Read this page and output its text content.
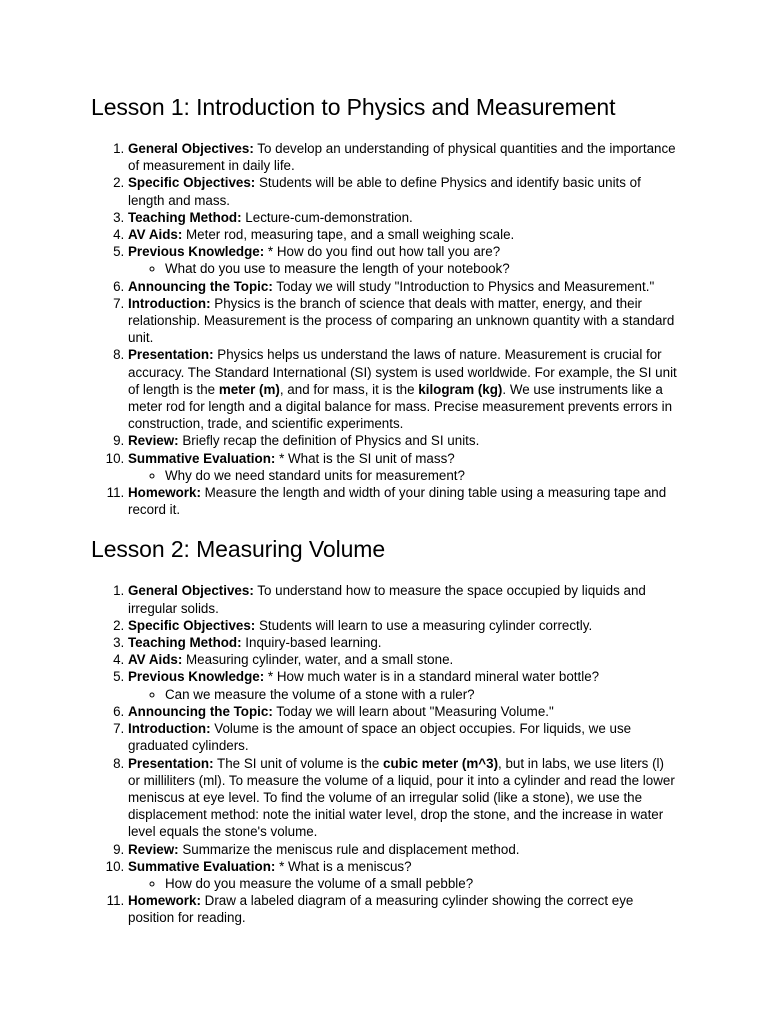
Lesson 1: Introduction to Physics and Measurement
1. General Objectives: To develop an understanding of physical quantities and the importance of measurement in daily life.
2. Specific Objectives: Students will be able to define Physics and identify basic units of length and mass.
3. Teaching Method: Lecture-cum-demonstration.
4. AV Aids: Meter rod, measuring tape, and a small weighing scale.
5. Previous Knowledge: * How do you find out how tall you are?
◦ What do you use to measure the length of your notebook?
6. Announcing the Topic: Today we will study "Introduction to Physics and Measurement."
7. Introduction: Physics is the branch of science that deals with matter, energy, and their relationship. Measurement is the process of comparing an unknown quantity with a standard unit.
8. Presentation: Physics helps us understand the laws of nature. Measurement is crucial for accuracy. The Standard International (SI) system is used worldwide. For example, the SI unit of length is the meter (m), and for mass, it is the kilogram (kg). We use instruments like a meter rod for length and a digital balance for mass. Precise measurement prevents errors in construction, trade, and scientific experiments.
9. Review: Briefly recap the definition of Physics and SI units.
10. Summative Evaluation: * What is the SI unit of mass?
◦ Why do we need standard units for measurement?
11. Homework: Measure the length and width of your dining table using a measuring tape and record it.
Lesson 2: Measuring Volume
1. General Objectives: To understand how to measure the space occupied by liquids and irregular solids.
2. Specific Objectives: Students will learn to use a measuring cylinder correctly.
3. Teaching Method: Inquiry-based learning.
4. AV Aids: Measuring cylinder, water, and a small stone.
5. Previous Knowledge: * How much water is in a standard mineral water bottle?
◦ Can we measure the volume of a stone with a ruler?
6. Announcing the Topic: Today we will learn about "Measuring Volume."
7. Introduction: Volume is the amount of space an object occupies. For liquids, we use graduated cylinders.
8. Presentation: The SI unit of volume is the cubic meter (m^3), but in labs, we use liters (l) or milliliters (ml). To measure the volume of a liquid, pour it into a cylinder and read the lower meniscus at eye level. To find the volume of an irregular solid (like a stone), we use the displacement method: note the initial water level, drop the stone, and the increase in water level equals the stone's volume.
9. Review: Summarize the meniscus rule and displacement method.
10. Summative Evaluation: * What is a meniscus?
◦ How do you measure the volume of a small pebble?
11. Homework: Draw a labeled diagram of a measuring cylinder showing the correct eye position for reading.
